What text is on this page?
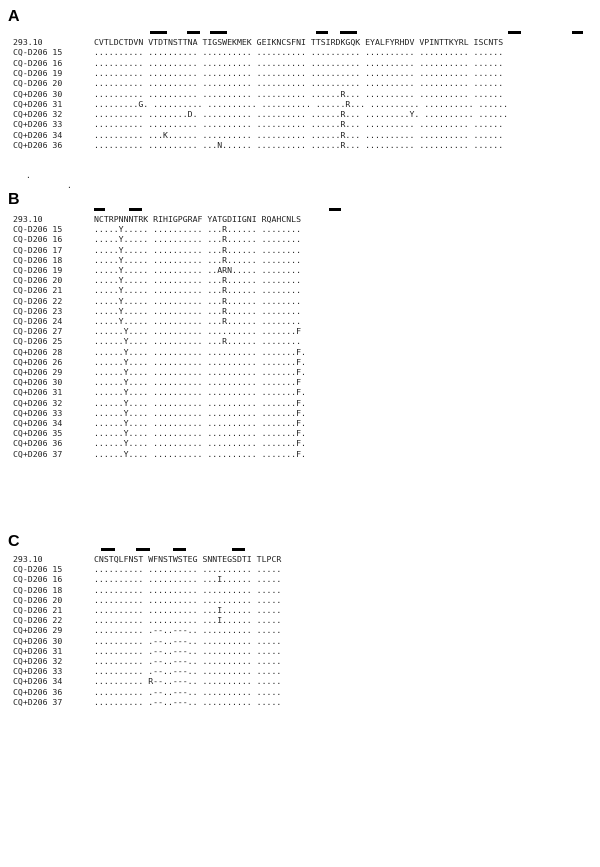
A
293.10	CVTLDCTDVN VTDTNSTTNA TIGSWEKMEK GEIKNCSFNI TTSIRDKGQK EYALFYRHDV VPINTTKYRL ISCNTS
CQ-D206 15	.......... .......... .......... .......... .......... .......... .......... ......
CQ-D206 16	.......... .......... .......... .......... .......... .......... .......... ......
CQ-D206 19	.......... .......... .......... .......... .......... .......... .......... ......
CQ-D206 20	.......... .......... .......... .......... .......... .......... .......... ......
CQ+D206 30	.......... .......... .......... .......... ......R... .......... .......... ......
CQ+D206 31	.........G. .......... .......... .......... ......R... .......... .......... ......
CQ+D206 32	.......... ........D. .......... .......... ......R... .........Y. .......... ......
CQ+D206 33	.......... .......... .......... .......... ......R... .......... .......... ......
CQ+D206 34	.......... ...K...... .......... .......... ......R... .......... .......... ......
CQ+D206 36	.......... .......... ...N...... .......... ......R... .......... .......... ......
.
.
B
293.10	NCTRPNNNTRK RIHIGPGRAF YATGDIIGNI RQAHCNLS
CQ-D206 15	.....Y..... .......... ...R...... ........
CQ-D206 16	.....Y..... .......... ...R...... ........
CQ-D206 17	.....Y..... .......... ...R...... ........
CQ-D206 18	.....Y..... .......... ...R...... ........
CQ-D206 19	.....Y..... .......... ..ARN..... ........
CQ-D206 20	.....Y..... .......... ...R...... ........
CQ-D206 21	.....Y..... .......... ...R...... ........
CQ-D206 22	.....Y..... .......... ...R...... ........
CQ-D206 23	.....Y..... .......... ...R...... ........
CQ-D206 24	.....Y..... .......... ...R...... ........
CQ-D206 27	......Y.... .......... .......... .......F
CQ-D206 25	......Y.... .......... ...R...... ........
CQ+D206 28	......Y.... .......... .......... .......F.
CQ+D206 26	......Y.... .......... .......... .......F.
CQ+D206 29	......Y.... .......... .......... .......F.
CQ+D206 30	......Y.... .......... .......... .......F
CQ+D206 31	......Y.... .......... .......... .......F.
CQ+D206 32	......Y.... .......... .......... .......F.
CQ+D206 33	......Y.... .......... .......... .......F.
CQ+D206 34	......Y.... .......... .......... .......F.
CQ+D206 35	......Y.... .......... .......... .......F.
CQ+D206 36	......Y.... .......... .......... .......F.
CQ+D206 37	......Y.... .......... .......... .......F.
C
293.10	CNSTQLFNST WFNSTWSTEG SNNTEGSDTI TLPCR
CQ-D206 15	.......... .......... .......... .....
CQ-D206 16	.......... .......... ...I...... .....
CQ-D206 18	.......... .......... .......... .....
CQ-D206 20	.......... .......... .......... .....
CQ-D206 21	.......... .......... ...I...... .....
CQ-D206 22	.......... .......... ...I...... .....
CQ+D206 29	.......... .--..---.. .......... .....
CQ+D206 30	.......... .--..---.. .......... .....
CQ+D206 31	.......... .--..---.. .......... .....
CQ+D206 32	.......... .--..---.. .......... .....
CQ+D206 33	.......... .--..---.. .......... .....
CQ+D206 34	.......... R--..---.. .......... .....
CQ+D206 36	.......... .--..---.. .......... .....
CQ+D206 37	.......... .--..---.. .......... .....
